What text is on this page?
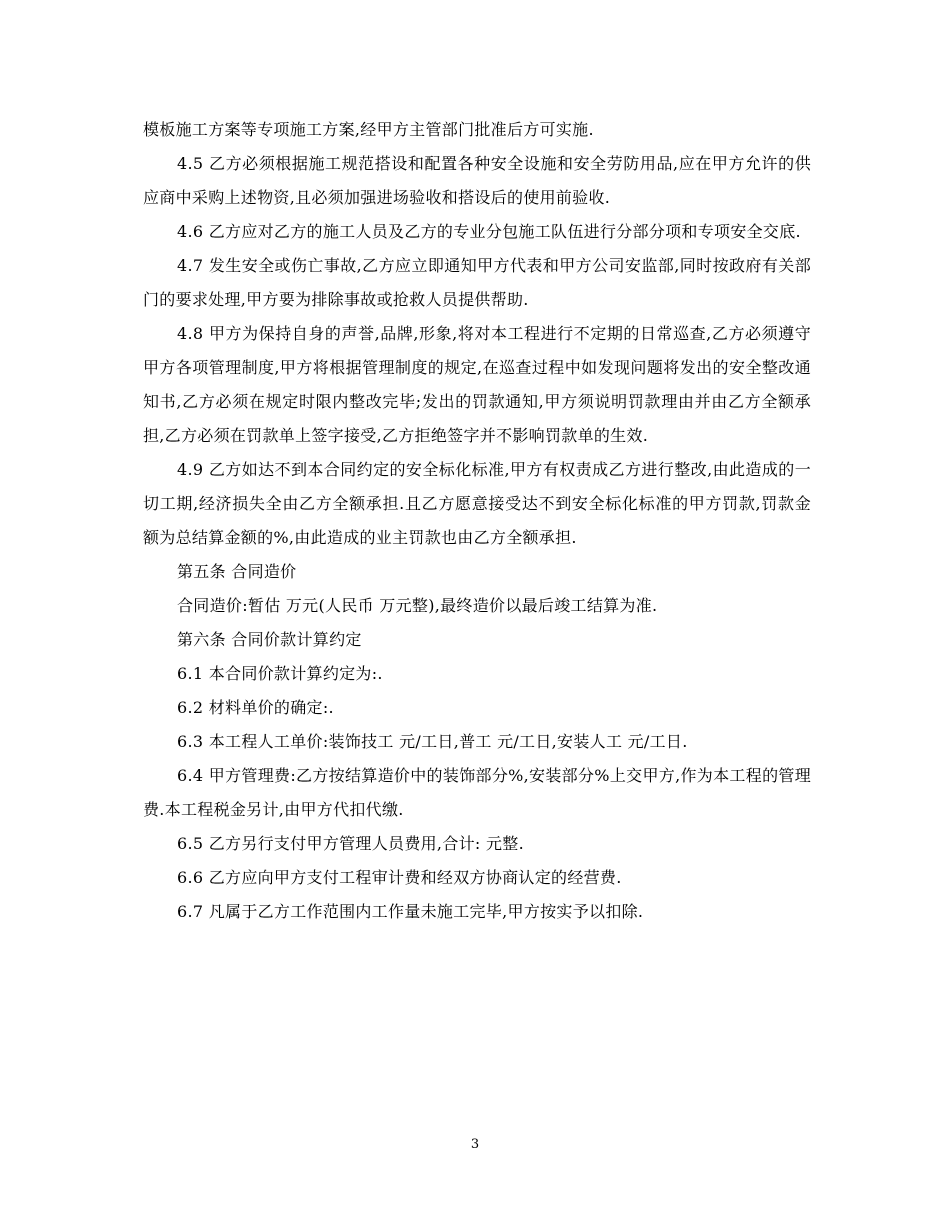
模板施工方案等专项施工方案,经甲方主管部门批准后方可实施.

4.5 乙方必须根据施工规范搭设和配置各种安全设施和安全劳防用品,应在甲方允许的供应商中采购上述物资,且必须加强进场验收和搭设后的使用前验收.

4.6 乙方应对乙方的施工人员及乙方的专业分包施工队伍进行分部分项和专项安全交底.

4.7 发生安全或伤亡事故,乙方应立即通知甲方代表和甲方公司安监部,同时按政府有关部门的要求处理,甲方要为排除事故或抢救人员提供帮助.

4.8 甲方为保持自身的声誉,品牌,形象,将对本工程进行不定期的日常巡查,乙方必须遵守甲方各项管理制度,甲方将根据管理制度的规定,在巡查过程中如发现问题将发出的安全整改通知书,乙方必须在规定时限内整改完毕;发出的罚款通知,甲方须说明罚款理由并由乙方全额承担,乙方必须在罚款单上签字接受,乙方拒绝签字并不影响罚款单的生效.

4.9 乙方如达不到本合同约定的安全标化标准,甲方有权责成乙方进行整改,由此造成的一切工期,经济损失全由乙方全额承担.且乙方愿意接受达不到安全标化标准的甲方罚款,罚款金额为总结算金额的%,由此造成的业主罚款也由乙方全额承担.

第五条 合同造价

合同造价:暂估 万元(人民币 万元整),最终造价以最后竣工结算为准.

第六条 合同价款计算约定

6.1 本合同价款计算约定为:.

6.2 材料单价的确定:.

6.3 本工程人工单价:装饰技工 元/工日,普工 元/工日,安装人工 元/工日.

6.4 甲方管理费:乙方按结算造价中的装饰部分%,安装部分%上交甲方,作为本工程的管理费.本工程税金另计,由甲方代扣代缴.

6.5 乙方另行支付甲方管理人员费用,合计: 元整.

6.6 乙方应向甲方支付工程审计费和经双方协商认定的经营费.

6.7 凡属于乙方工作范围内工作量未施工完毕,甲方按实予以扣除.

3
